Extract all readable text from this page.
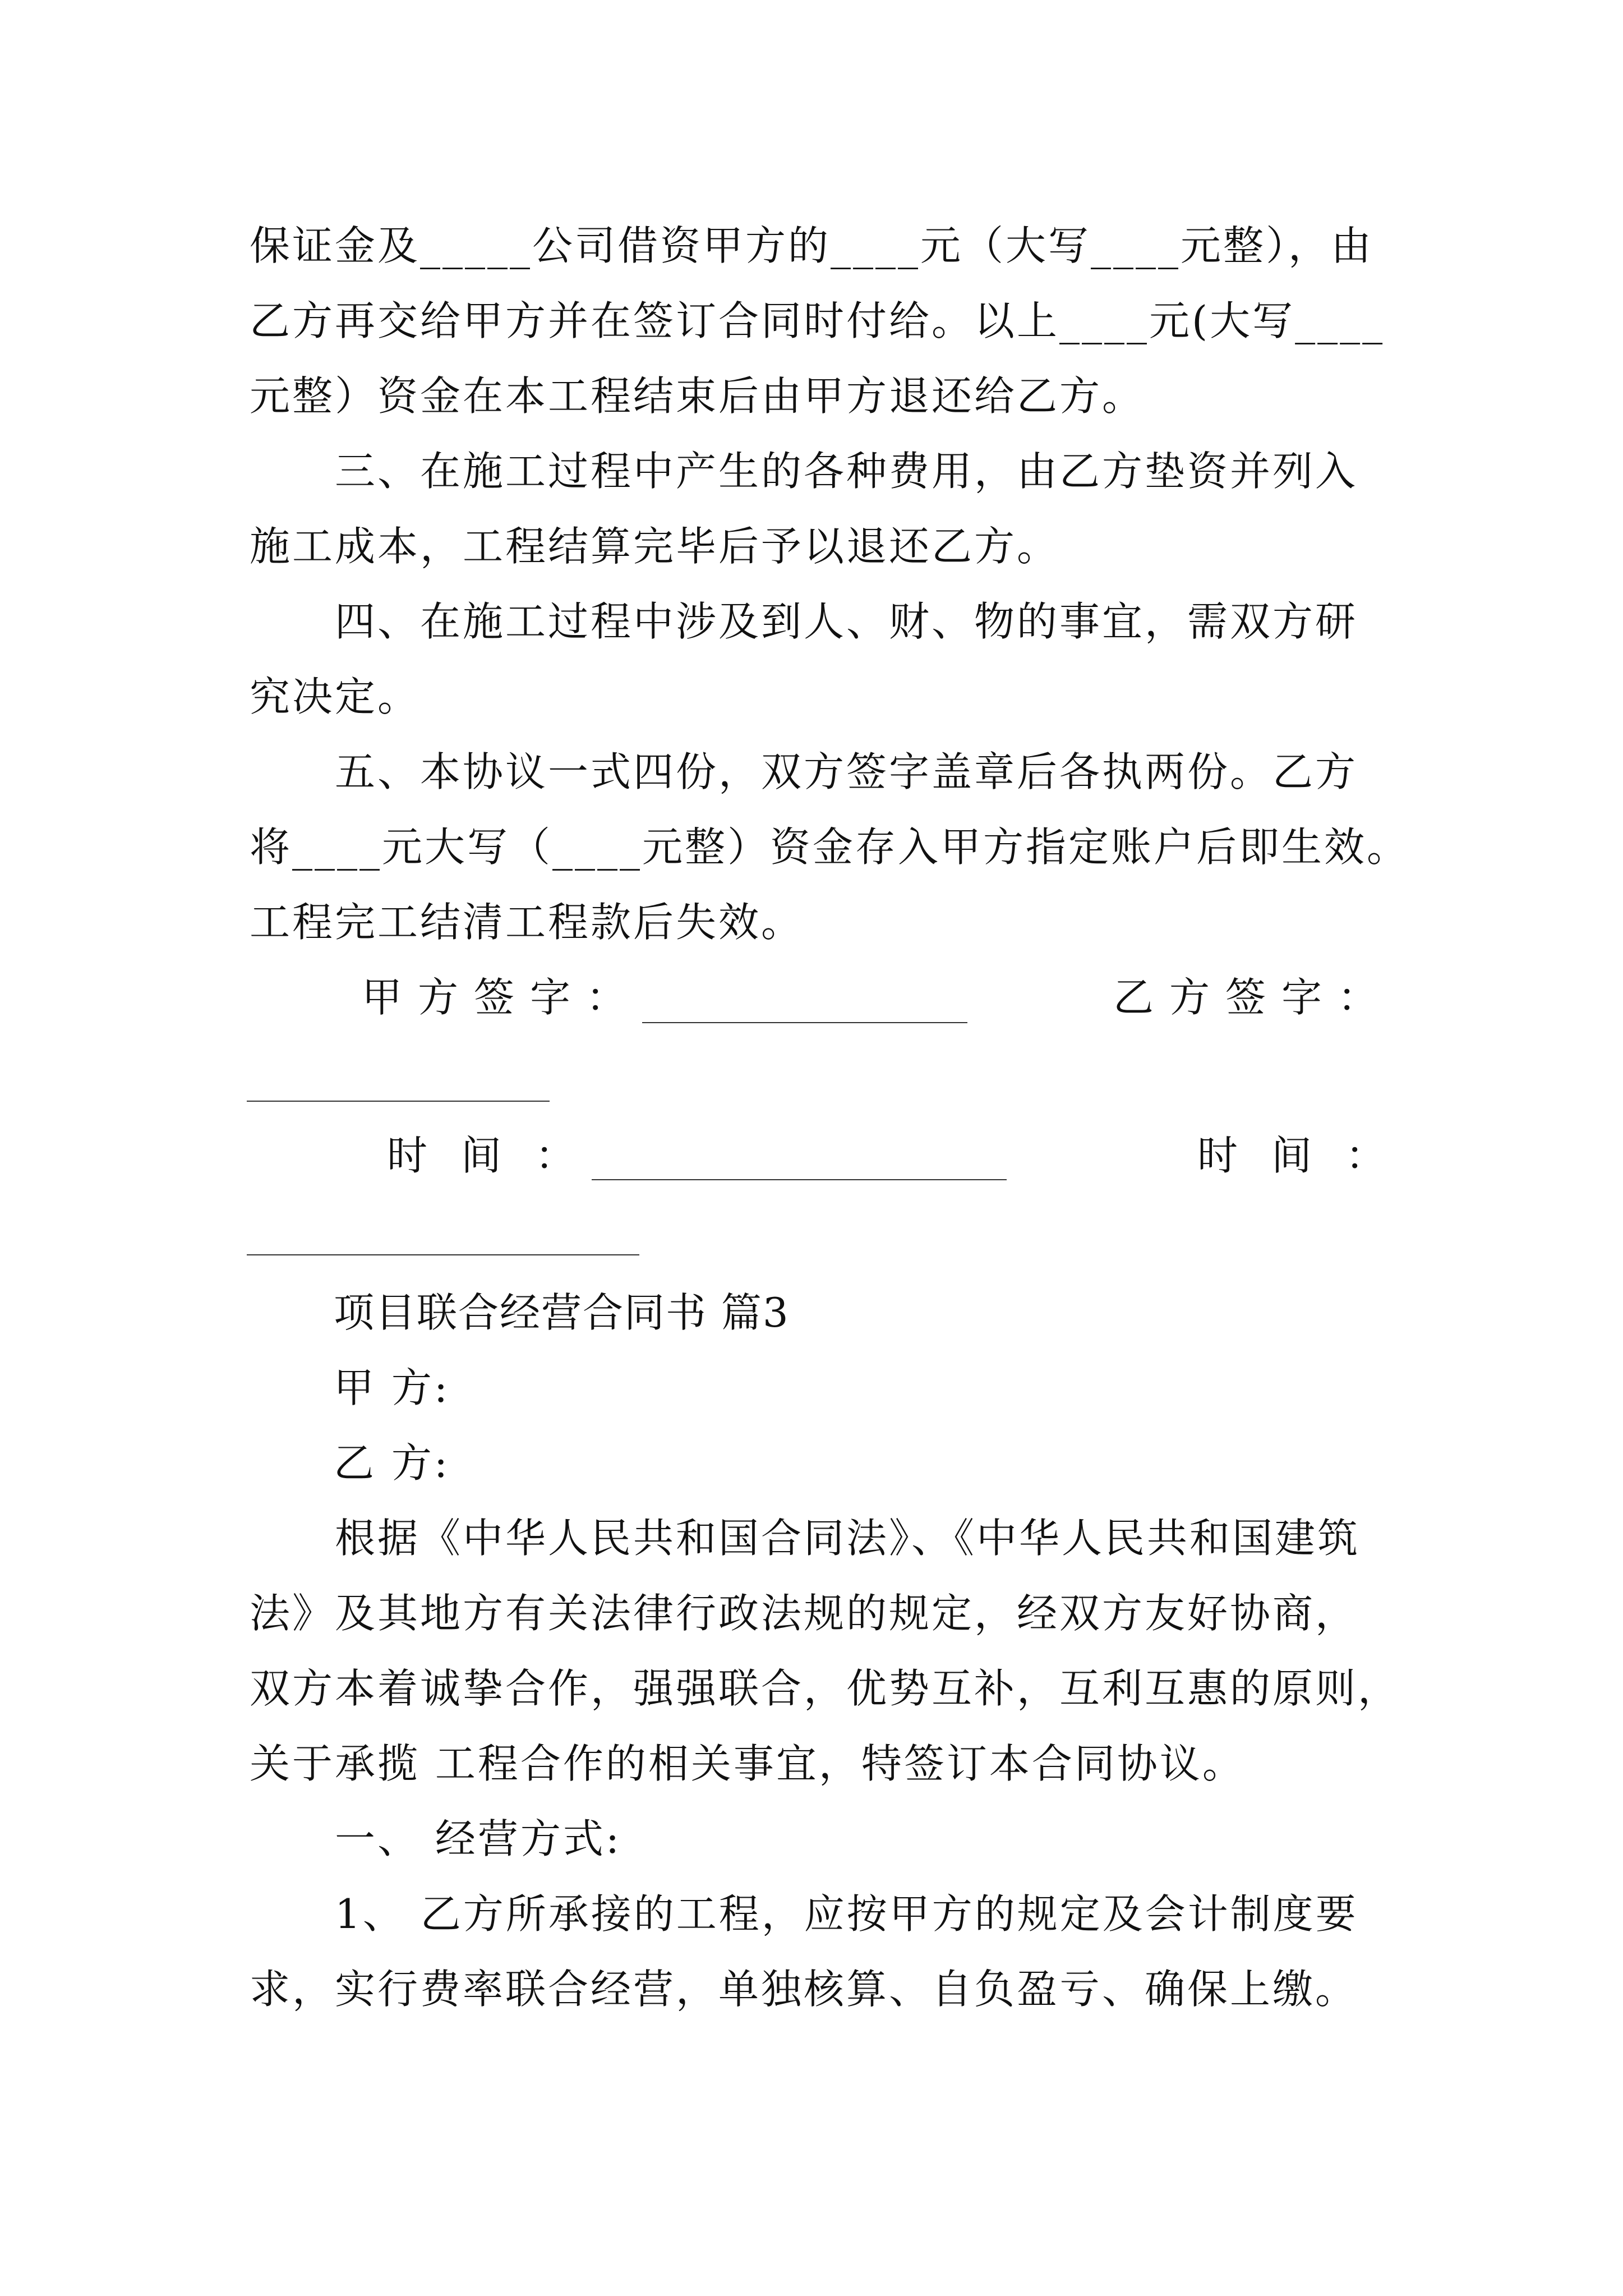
保证金及_____公司借资甲方的____元（大写____元整），由
乙方再交给甲方并在签订合同时付给。以上____元(大写____
元整）资金在本工程结束后由甲方退还给乙方。
　　三、在施工过程中产生的各种费用，由乙方垫资并列入
施工成本，工程结算完毕后予以退还乙方。
　　四、在施工过程中涉及到人、财、物的事宜，需双方研
究决定。
　　五、本协议一式四份，双方签字盖章后各执两份。乙方
将____元大写（____元整）资金存入甲方指定账户后即生效。
工程完工结清工程款后失效。
甲方签字：	乙方签字：
时间：	时间：
项目联合经营合同书 篇3
甲 方:
乙 方:
　　根据《中华人民共和国合同法》、《中华人民共和国建筑
法》及其地方有关法律行政法规的规定，经双方友好协商，
双方本着诚挚合作，强强联合，优势互补，互利互惠的原则，
关于承揽 工程合作的相关事宜，特签订本合同协议。
　　一、 经营方式:
　　1、 乙方所承接的工程，应按甲方的规定及会计制度要
求，实行费率联合经营，单独核算、自负盈亏、确保上缴。
